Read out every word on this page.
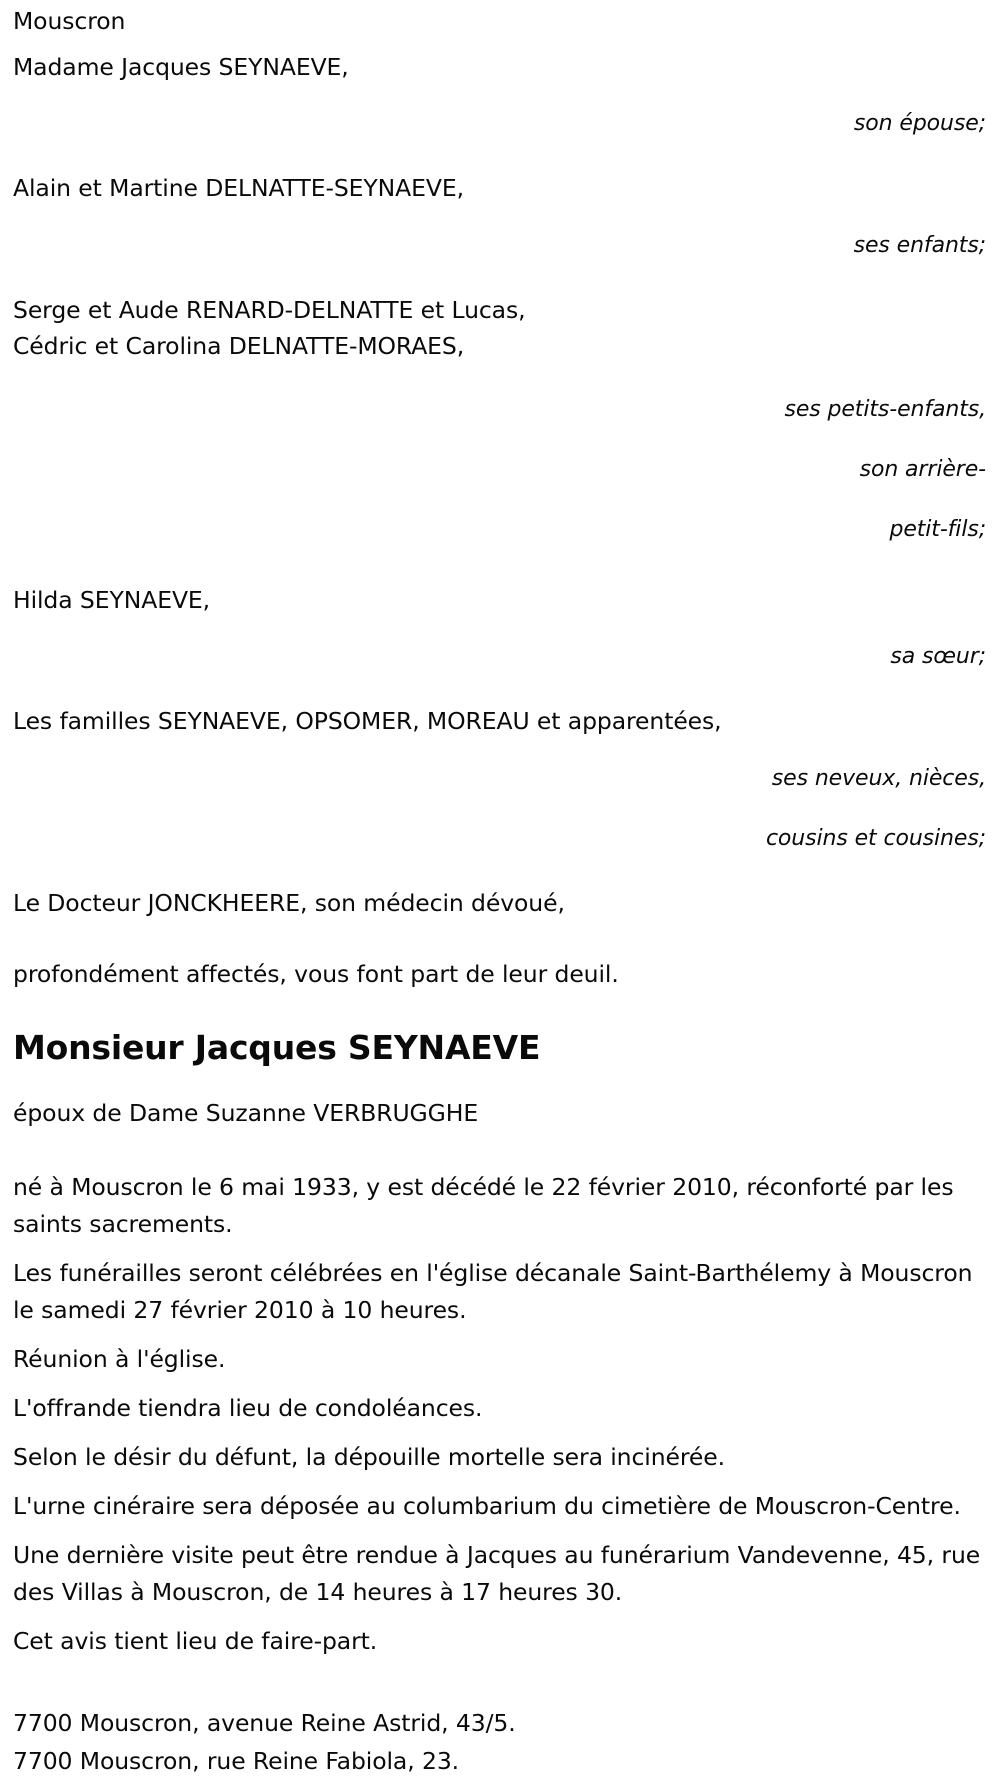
Mouscron
Madame Jacques SEYNAEVE,

son épouse;

Alain et Martine DELNATTE-SEYNAEVE,

ses enfants;

Serge et Aude RENARD-DELNATTE et Lucas,
Cédric et Carolina DELNATTE-MORAES,

ses petits-enfants,

son arrière-

petit-fils;

Hilda SEYNAEVE,

sa sœur;

Les familles SEYNAEVE, OPSOMER, MOREAU et apparentées,

ses neveux, nièces,

cousins et cousines;

Le Docteur JONCKHEERE, son médecin dévoué,
profondément affectés, vous font part de leur deuil.
Monsieur Jacques SEYNAEVE
époux de Dame Suzanne VERBRUGGHE
né à Mouscron le 6 mai 1933, y est décédé le 22 février 2010, réconforté par les saints sacrements.
Les funérailles seront célébrées en l'église décanale Saint-Barthélemy à Mouscron le samedi 27 février 2010 à 10 heures.
Réunion à l'église.
L'offrande tiendra lieu de condoléances.
Selon le désir du défunt, la dépouille mortelle sera incinérée.
L'urne cinéraire sera déposée au columbarium du cimetière de Mouscron-Centre.
Une dernière visite peut être rendue à Jacques au funérarium Vandevenne, 45, rue des Villas à Mouscron, de 14 heures à 17 heures 30.
Cet avis tient lieu de faire-part.
7700 Mouscron, avenue Reine Astrid, 43/5.
7700 Mouscron, rue Reine Fabiola, 23.
